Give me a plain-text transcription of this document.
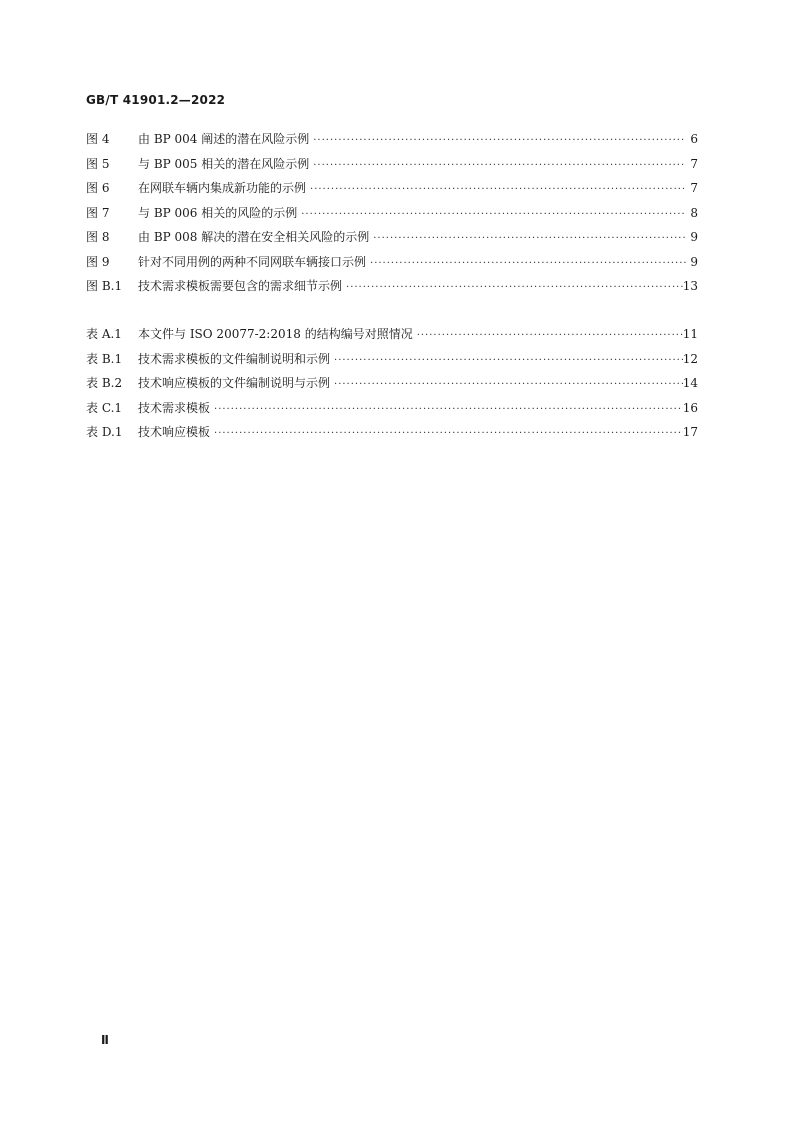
GB/T 41901.2—2022
图 4	由 BP 004 阐述的潜在风险示例 ·····	6
图 5	与 BP 005 相关的潜在风险示例 ·····	7
图 6	在网联车辆内集成新功能的示例 ·····	7
图 7	与 BP 006 相关的风险的示例 ·····	8
图 8	由 BP 008 解决的潜在安全相关风险的示例 ·····	9
图 9	针对不同用例的两种不同网联车辆接口示例 ·····	9
图 B.1	技术需求模板需要包含的需求细节示例 ·····	13
表 A.1	本文件与 ISO 20077-2:2018 的结构编号对照情况 ·····	11
表 B.1	技术需求模板的文件编制说明和示例 ·····	12
表 B.2	技术响应模板的文件编制说明与示例 ·····	14
表 C.1	技术需求模板 ·····	16
表 D.1	技术响应模板 ·····	17
Ⅱ
